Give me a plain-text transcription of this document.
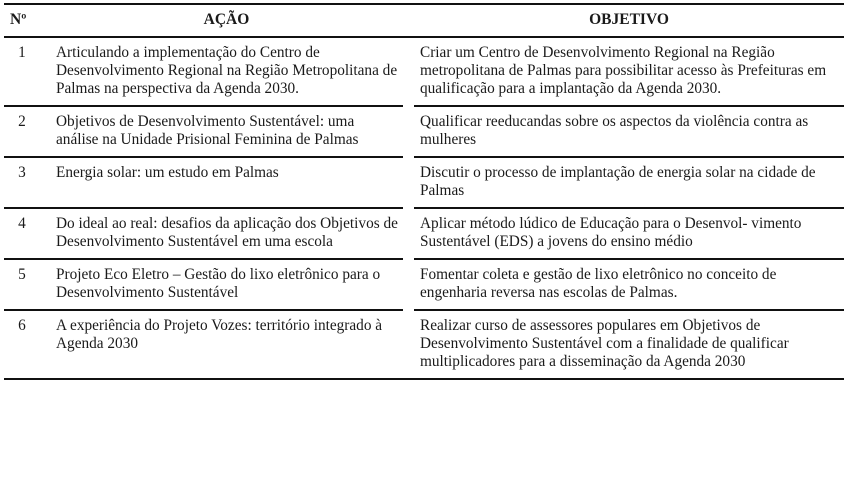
Nº	AÇÃO		OBJETIVO
1	Articulando a implementação do Centro de Desenvolvimento Regional na Região Metropolitana de Palmas na perspectiva da Agenda 2030.		Criar um Centro de Desenvolvimento Regional na Região metropolitana de Palmas para possibilitar acesso às Prefeituras em qualificação para a implantação da Agenda 2030.
2	Objetivos de Desenvolvimento Sustentável: uma análise na Unidade Prisional Feminina de Palmas		Qualificar reeducandas sobre os aspectos da violência contra as mulheres
3	Energia solar: um estudo em Palmas		Discutir o processo de implantação de energia solar na cidade de Palmas
4	Do ideal ao real: desafios da aplicação dos Objetivos de Desenvolvimento Sustentável em uma escola		Aplicar método lúdico de Educação para o Desenvol- vimento Sustentável (EDS) a jovens do ensino médio
5	Projeto Eco Eletro – Gestão do lixo eletrônico para o Desenvolvimento Sustentável		Fomentar coleta e gestão de lixo eletrônico no conceito de engenharia reversa nas escolas de Palmas.
6	A experiência do Projeto Vozes: território integrado à Agenda 2030		Realizar curso de assessores populares em Objetivos de Desenvolvimento Sustentável com a finalidade de qualificar multiplicadores para a disseminação da Agenda 2030
